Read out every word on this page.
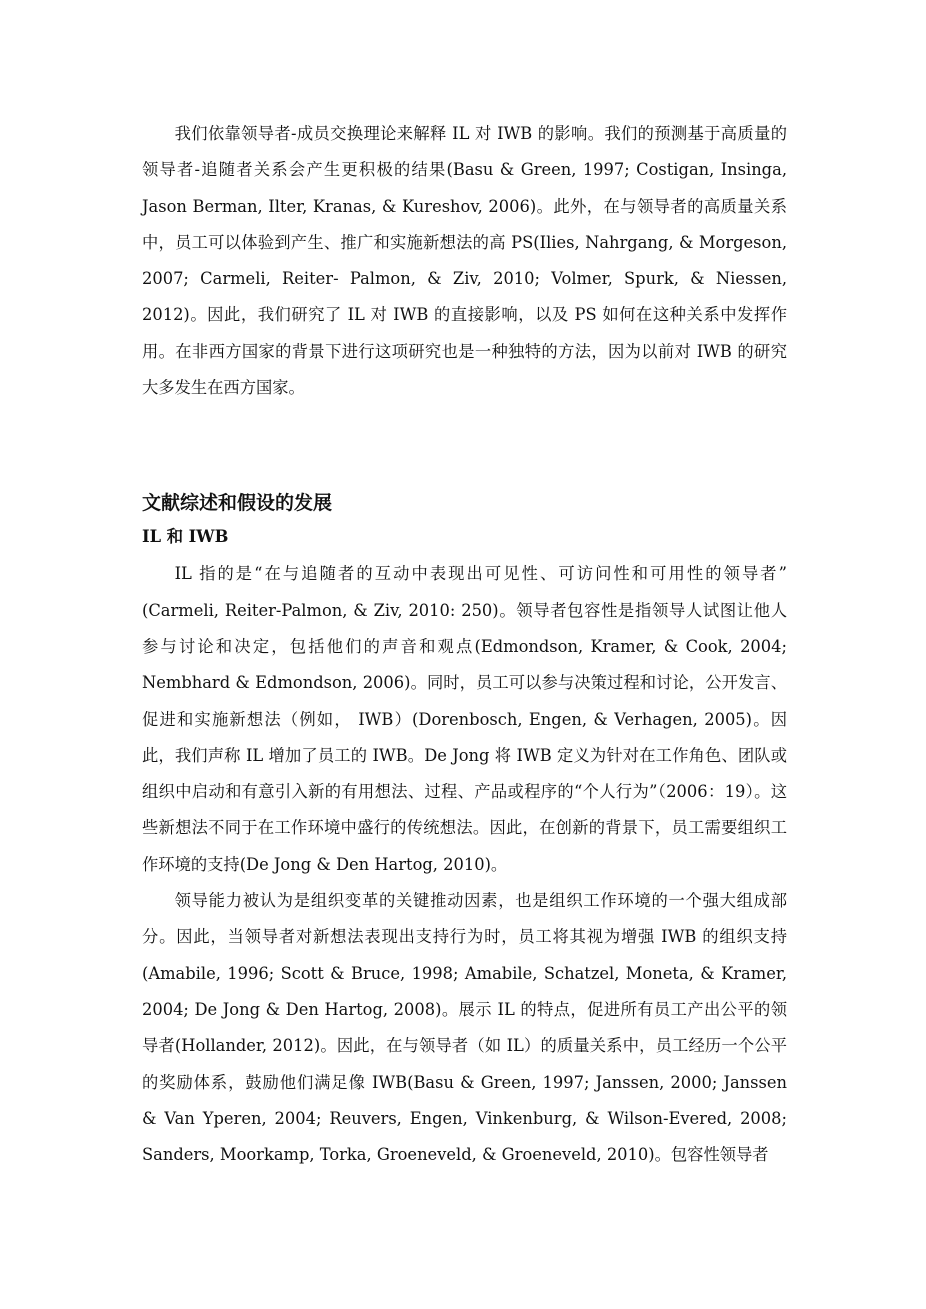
我们依靠领导者-成员交换理论来解释 IL 对 IWB 的影响。我们的预测基于高质量的领导者-追随者关系会产生更积极的结果(Basu & Green, 1997; Costigan, Insinga, Jason Berman, Ilter, Kranas, & Kureshov, 2006)。此外，在与领导者的高质量关系中，员工可以体验到产生、推广和实施新想法的高 PS(Ilies, Nahrgang, & Morgeson, 2007; Carmeli, Reiter- Palmon, & Ziv, 2010; Volmer, Spurk, & Niessen, 2012)。因此，我们研究了 IL 对 IWB 的直接影响，以及 PS 如何在这种关系中发挥作用。在非西方国家的背景下进行这项研究也是一种独特的方法，因为以前对 IWB 的研究大多发生在西方国家。

文献综述和假设的发展
IL 和 IWB

IL 指的是“在与追随者的互动中表现出可见性、可访问性和可用性的领导者” (Carmeli, Reiter-Palmon, & Ziv, 2010: 250)。领导者包容性是指领导人试图让他人参与讨论和决定，包括他们的声音和观点(Edmondson, Kramer, & Cook, 2004; Nembhard & Edmondson, 2006)。同时，员工可以参与决策过程和讨论，公开发言、促进和实施新想法（例如， IWB）(Dorenbosch, Engen, & Verhagen, 2005)。因此，我们声称 IL 增加了员工的 IWB。De Jong 将 IWB 定义为针对在工作角色、团队或组织中启动和有意引入新的有用想法、过程、产品或程序的“个人行为”（2006：19）。这些新想法不同于在工作环境中盛行的传统想法。因此，在创新的背景下，员工需要组织工作环境的支持(De Jong & Den Hartog, 2010)。

领导能力被认为是组织变革的关键推动因素，也是组织工作环境的一个强大组成部分。因此，当领导者对新想法表现出支持行为时，员工将其视为增强 IWB 的组织支持(Amabile, 1996; Scott & Bruce, 1998; Amabile, Schatzel, Moneta, & Kramer, 2004; De Jong & Den Hartog, 2008)。展示 IL 的特点，促进所有员工产出公平的领导者(Hollander, 2012)。因此，在与领导者（如 IL）的质量关系中，员工经历一个公平的奖励体系，鼓励他们满足像 IWB(Basu & Green, 1997; Janssen, 2000; Janssen & Van Yperen, 2004; Reuvers, Engen, Vinkenburg, & Wilson-Evered, 2008; Sanders, Moorkamp, Torka, Groeneveld, & Groeneveld, 2010)。包容性领导者
